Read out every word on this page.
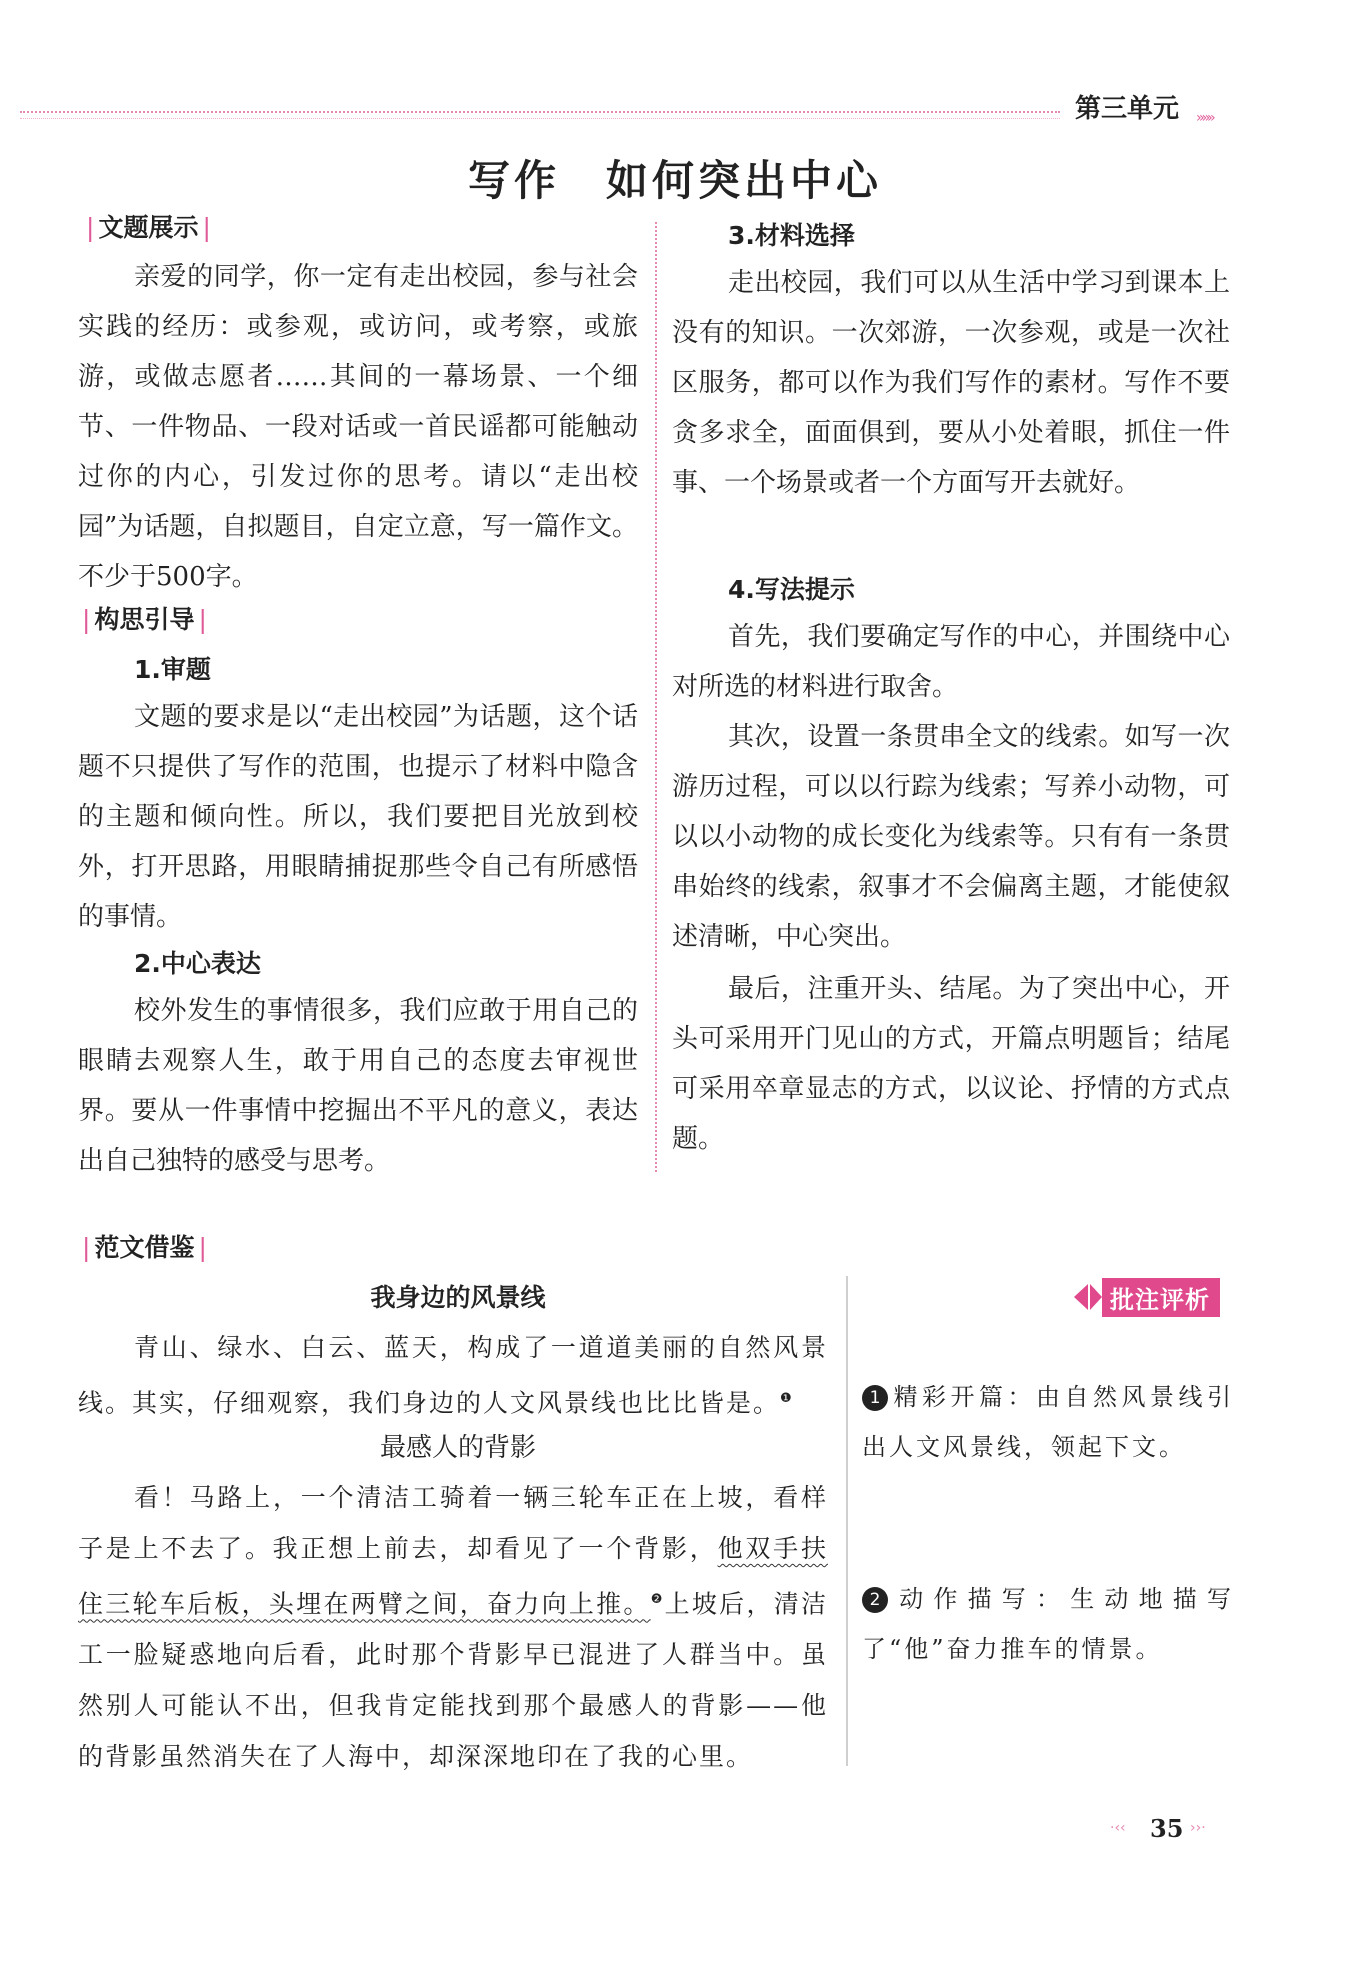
第三单元 »»»
写作　如何突出中心
| 文题展示 |

亲爱的同学，你一定有走出校园，参与社会实践的经历：或参观，或访问，或考察，或旅游，或做志愿者……其间的一幕场景、一个细节、一件物品、一段对话或一首民谣都可能触动过你的内心，引发过你的思考。请以“走出校园”为话题，自拟题目，自定立意，写一篇作文。不少于500字。

| 构思引导 |
1.审题

文题的要求是以“走出校园”为话题，这个话题不只提供了写作的范围，也提示了材料中隐含的主题和倾向性。所以，我们要把目光放到校外，打开思路，用眼睛捕捉那些令自己有所感悟的事情。

2.中心表达

校外发生的事情很多，我们应敢于用自己的眼睛去观察人生，敢于用自己的态度去审视世界。要从一件事情中挖掘出不平凡的意义，表达出自己独特的感受与思考。

3.材料选择

走出校园，我们可以从生活中学习到课本上没有的知识。一次郊游，一次参观，或是一次社区服务，都可以作为我们写作的素材。写作不要贪多求全，面面俱到，要从小处着眼，抓住一件事、一个场景或者一个方面写开去就好。

4.写法提示

首先，我们要确定写作的中心，并围绕中心对所选的材料进行取舍。

其次，设置一条贯串全文的线索。如写一次游历过程，可以以行踪为线索；写养小动物，可以以小动物的成长变化为线索等。只有有一条贯串始终的线索，叙事才不会偏离主题，才能使叙述清晰，中心突出。

最后，注重开头、结尾。为了突出中心，开头可采用开门见山的方式，开篇点明题旨；结尾可采用卒章显志的方式，以议论、抒情的方式点题。

| 范文借鉴 |
我身边的风景线

青山、绿水、白云、蓝天，构成了一道道美丽的自然风景线。其实，仔细观察，我们身边的人文风景线也比比皆是。$^❶$

最感人的背影

看！马路上，一个清洁工骑着一辆三轮车正在上坡，看样子是上不去了。我正想上前去，却看见了一个背影，他双手扶住三轮车后板，头埋在两臂之间，奋力向上推。$^❷$上坡后，清洁工一脸疑惑地向后看，此时那个背影早已混进了人群当中。虽然别人可能认不出，但我肯定能找到那个最感人的背影——他的背影虽然消失在了人海中，却深深地印在了我的心里。

批注评析

1 精彩开篇：由自然风景线引出人文风景线，领起下文。

2 动作描写：生动地描写了“他”奋力推车的情景。

·‹‹ 35 ››·
